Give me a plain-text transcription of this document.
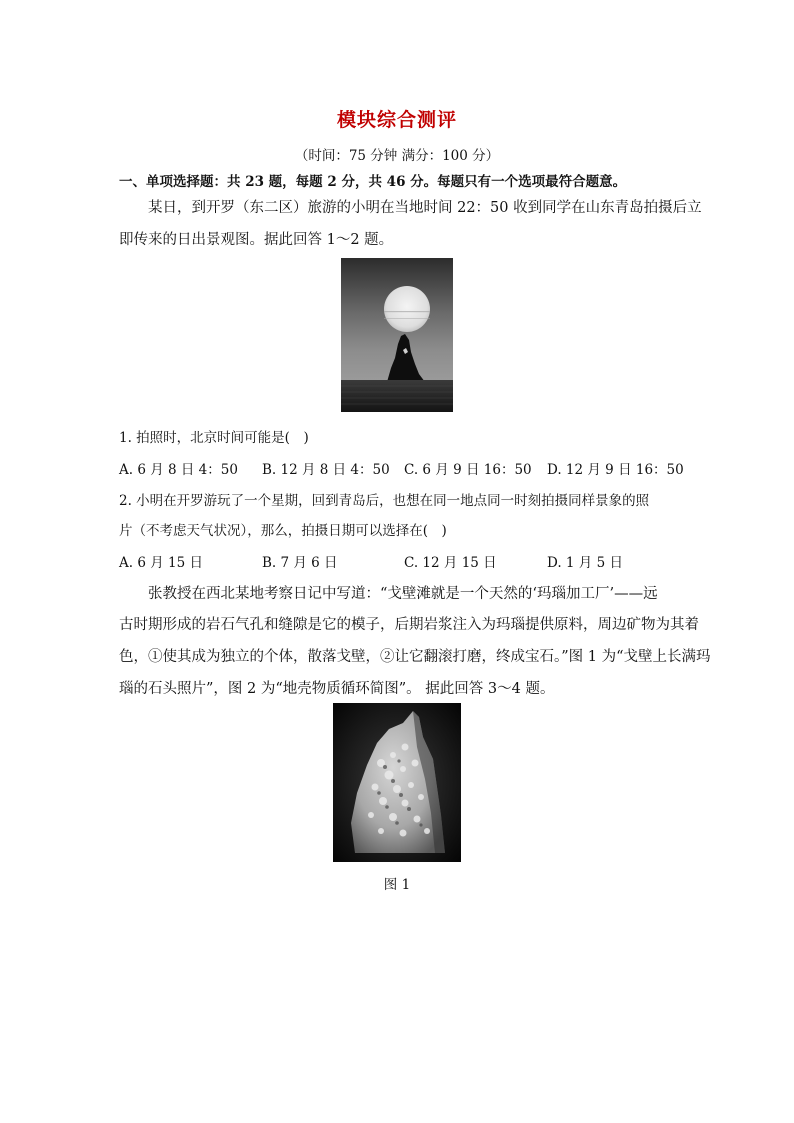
模块综合测评
（时间：75 分钟 满分：100 分）
一、单项选择题：共 23 题，每题 2 分，共 46 分。每题只有一个选项最符合题意。
某日，到开罗（东二区）旅游的小明在当地时间 22：50 收到同学在山东青岛拍摄后立
即传来的日出景观图。据此回答 1～2 题。
1. 拍照时，北京时间可能是(　)
A. 6 月 8 日 4：50 B. 12 月 8 日 4：50 C. 6 月 9 日 16：50 D. 12 月 9 日 16：50
2. 小明在开罗游玩了一个星期，回到青岛后，也想在同一地点同一时刻拍摄同样景象的照
片（不考虑天气状况），那么，拍摄日期可以选择在(　)
A. 6 月 15 日	B. 7 月 6 日	C. 12 月 15 日	D. 1 月 5 日
张教授在西北某地考察日记中写道：“戈壁滩就是一个天然的‘玛瑙加工厂’——远
古时期形成的岩石气孔和缝隙是它的模子，后期岩浆注入为玛瑙提供原料，周边矿物为其着
色，①使其成为独立的个体，散落戈壁，②让它翻滚打磨，终成宝石。”图 1 为“戈壁上长满玛
瑙的石头照片”，图 2 为“地壳物质循环简图”。 据此回答 3～4 题。
图 1
